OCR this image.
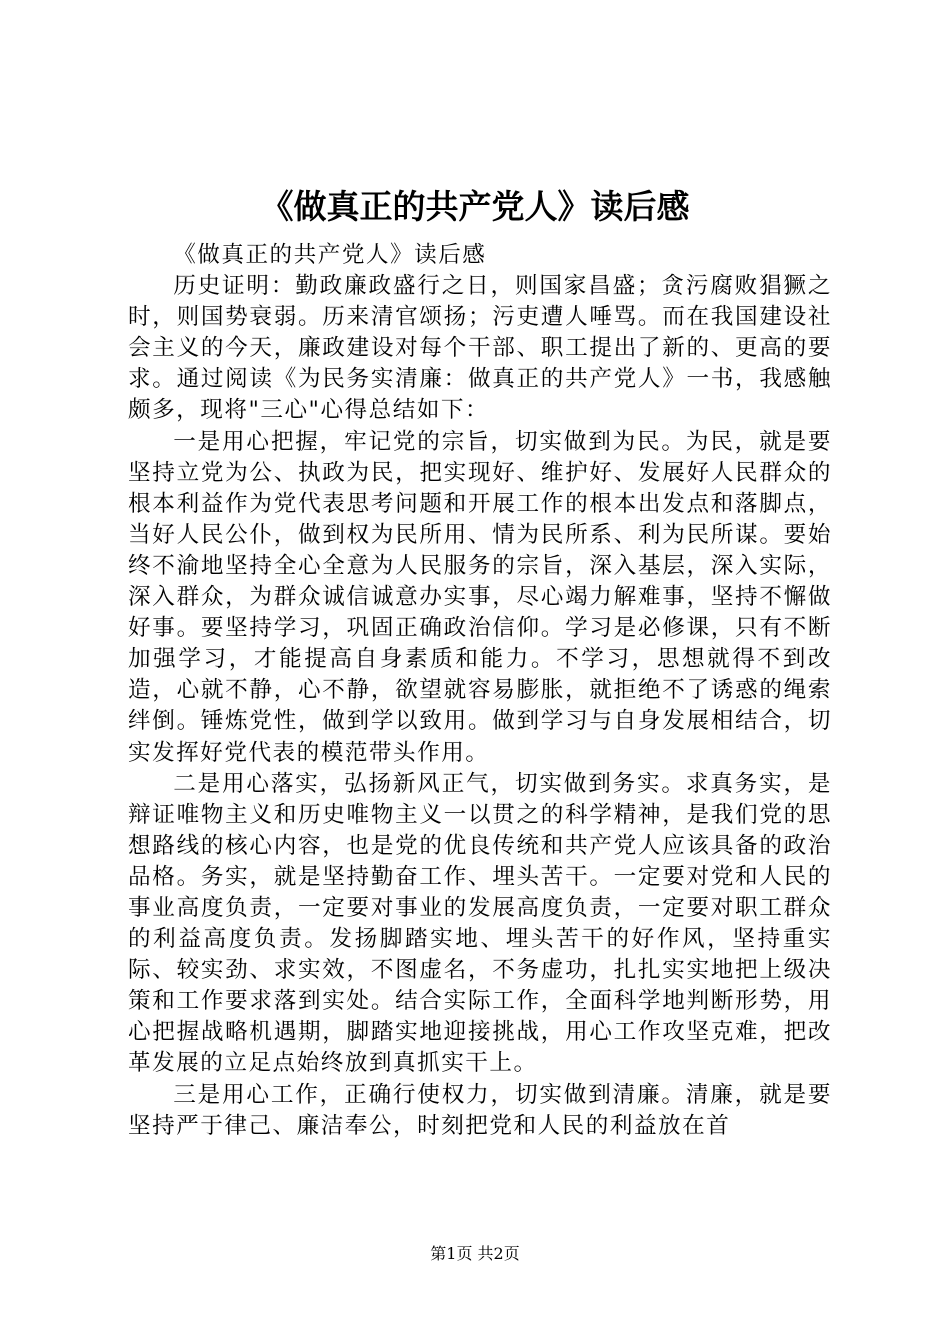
《做真正的共产党人》读后感

《做真正的共产党人》读后感

历史证明：勤政廉政盛行之日，则国家昌盛；贪污腐败猖獗之时，则国势衰弱。历来清官颂扬；污吏遭人唾骂。而在我国建设社会主义的今天，廉政建设对每个干部、职工提出了新的、更高的要求。通过阅读《为民务实清廉：做真正的共产党人》一书，我感触颇多，现将"三心"心得总结如下：

一是用心把握，牢记党的宗旨，切实做到为民。为民，就是要坚持立党为公、执政为民，把实现好、维护好、发展好人民群众的根本利益作为党代表思考问题和开展工作的根本出发点和落脚点，当好人民公仆，做到权为民所用、情为民所系、利为民所谋。要始终不渝地坚持全心全意为人民服务的宗旨，深入基层，深入实际，深入群众，为群众诚信诚意办实事，尽心竭力解难事，坚持不懈做好事。要坚持学习，巩固正确政治信仰。学习是必修课，只有不断加强学习，才能提高自身素质和能力。不学习，思想就得不到改造，心就不静，心不静，欲望就容易膨胀，就拒绝不了诱惑的绳索绊倒。锤炼党性，做到学以致用。做到学习与自身发展相结合，切实发挥好党代表的模范带头作用。

二是用心落实，弘扬新风正气，切实做到务实。求真务实，是辩证唯物主义和历史唯物主义一以贯之的科学精神，是我们党的思想路线的核心内容，也是党的优良传统和共产党人应该具备的政治品格。务实，就是坚持勤奋工作、埋头苦干。一定要对党和人民的事业高度负责，一定要对事业的发展高度负责，一定要对职工群众的利益高度负责。发扬脚踏实地、埋头苦干的好作风，坚持重实际、较实劲、求实效，不图虚名，不务虚功，扎扎实实地把上级决策和工作要求落到实处。结合实际工作，全面科学地判断形势，用心把握战略机遇期，脚踏实地迎接挑战，用心工作攻坚克难，把改革发展的立足点始终放到真抓实干上。

三是用心工作，正确行使权力，切实做到清廉。清廉，就是要坚持严于律己、廉洁奉公，时刻把党和人民的利益放在首

第1页 共2页
